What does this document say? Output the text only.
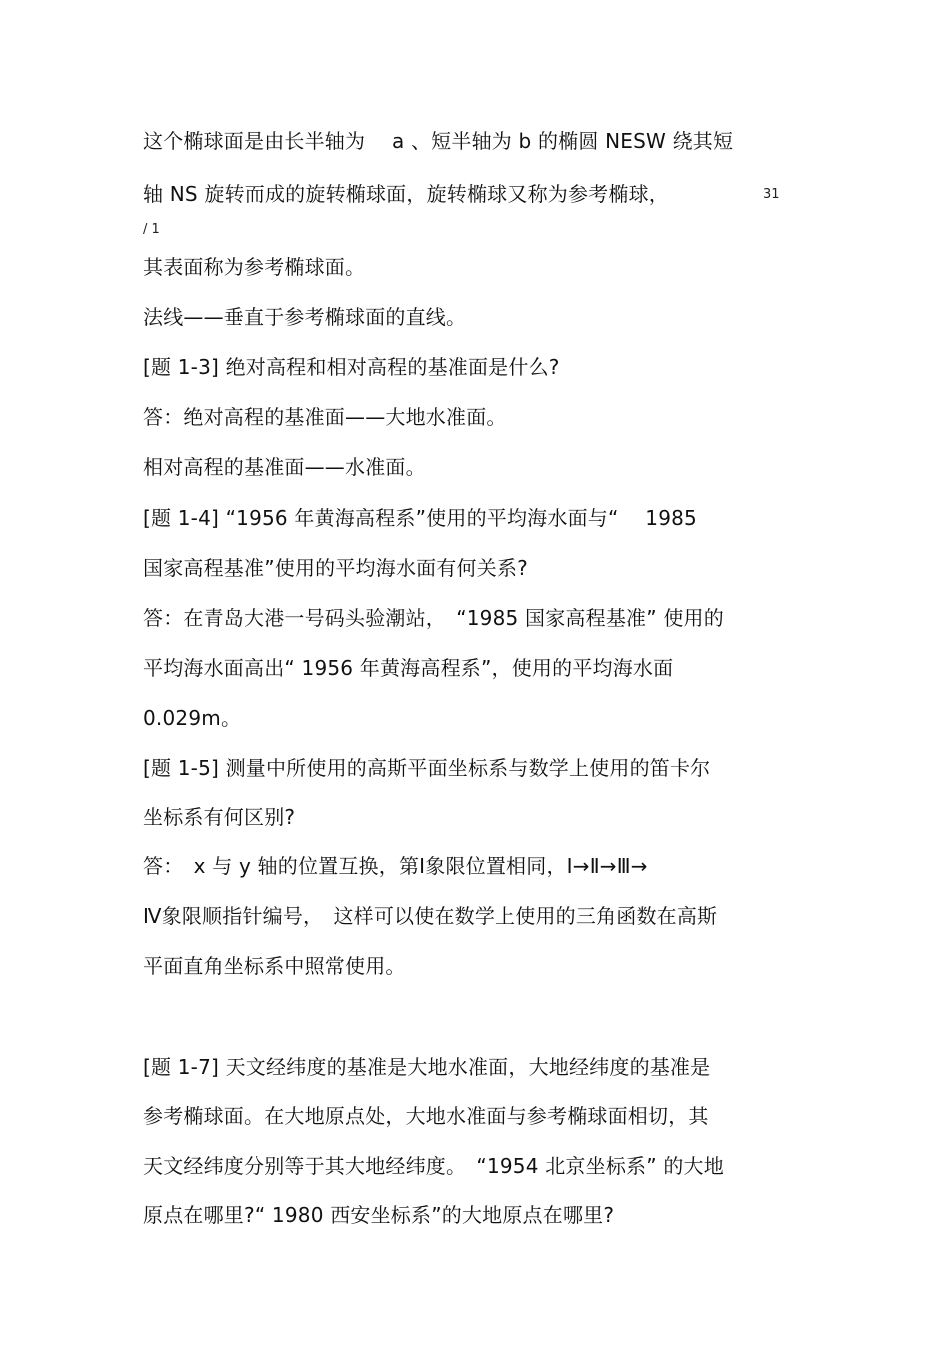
这个椭球面是由长半轴为　 a 、短半轴为 b 的椭圆 NESW 绕其短
轴 NS 旋转而成的旋转椭球面，旋转椭球又称为参考椭球，	31
/ 1
其表面称为参考椭球面。
法线——垂直于参考椭球面的直线。
[题 1-3] 绝对高程和相对高程的基准面是什么?
答：绝对高程的基准面——大地水准面。
相对高程的基准面——水准面。
[题 1-4] “1956 年黄海高程系”使用的平均海水面与“　 1985
国家高程基准”使用的平均海水面有何关系?
答：在青岛大港一号码头验潮站，　“1985 国家高程基准” 使用的
平均海水面高出“ 1956 年黄海高程系”，使用的平均海水面
0.029m。
[题 1-5] 测量中所使用的高斯平面坐标系与数学上使用的笛卡尔
坐标系有何区别?
答：　x 与 y 轴的位置互换，第Ⅰ象限位置相同，Ⅰ→Ⅱ→Ⅲ→
Ⅳ象限顺指针编号，　这样可以使在数学上使用的三角函数在高斯
平面直角坐标系中照常使用。
[题 1-7] 天文经纬度的基准是大地水准面，大地经纬度的基准是
参考椭球面。在大地原点处，大地水准面与参考椭球面相切，其
天文经纬度分别等于其大地经纬度。　“1954 北京坐标系” 的大地
原点在哪里?“ 1980 西安坐标系”的大地原点在哪里?
